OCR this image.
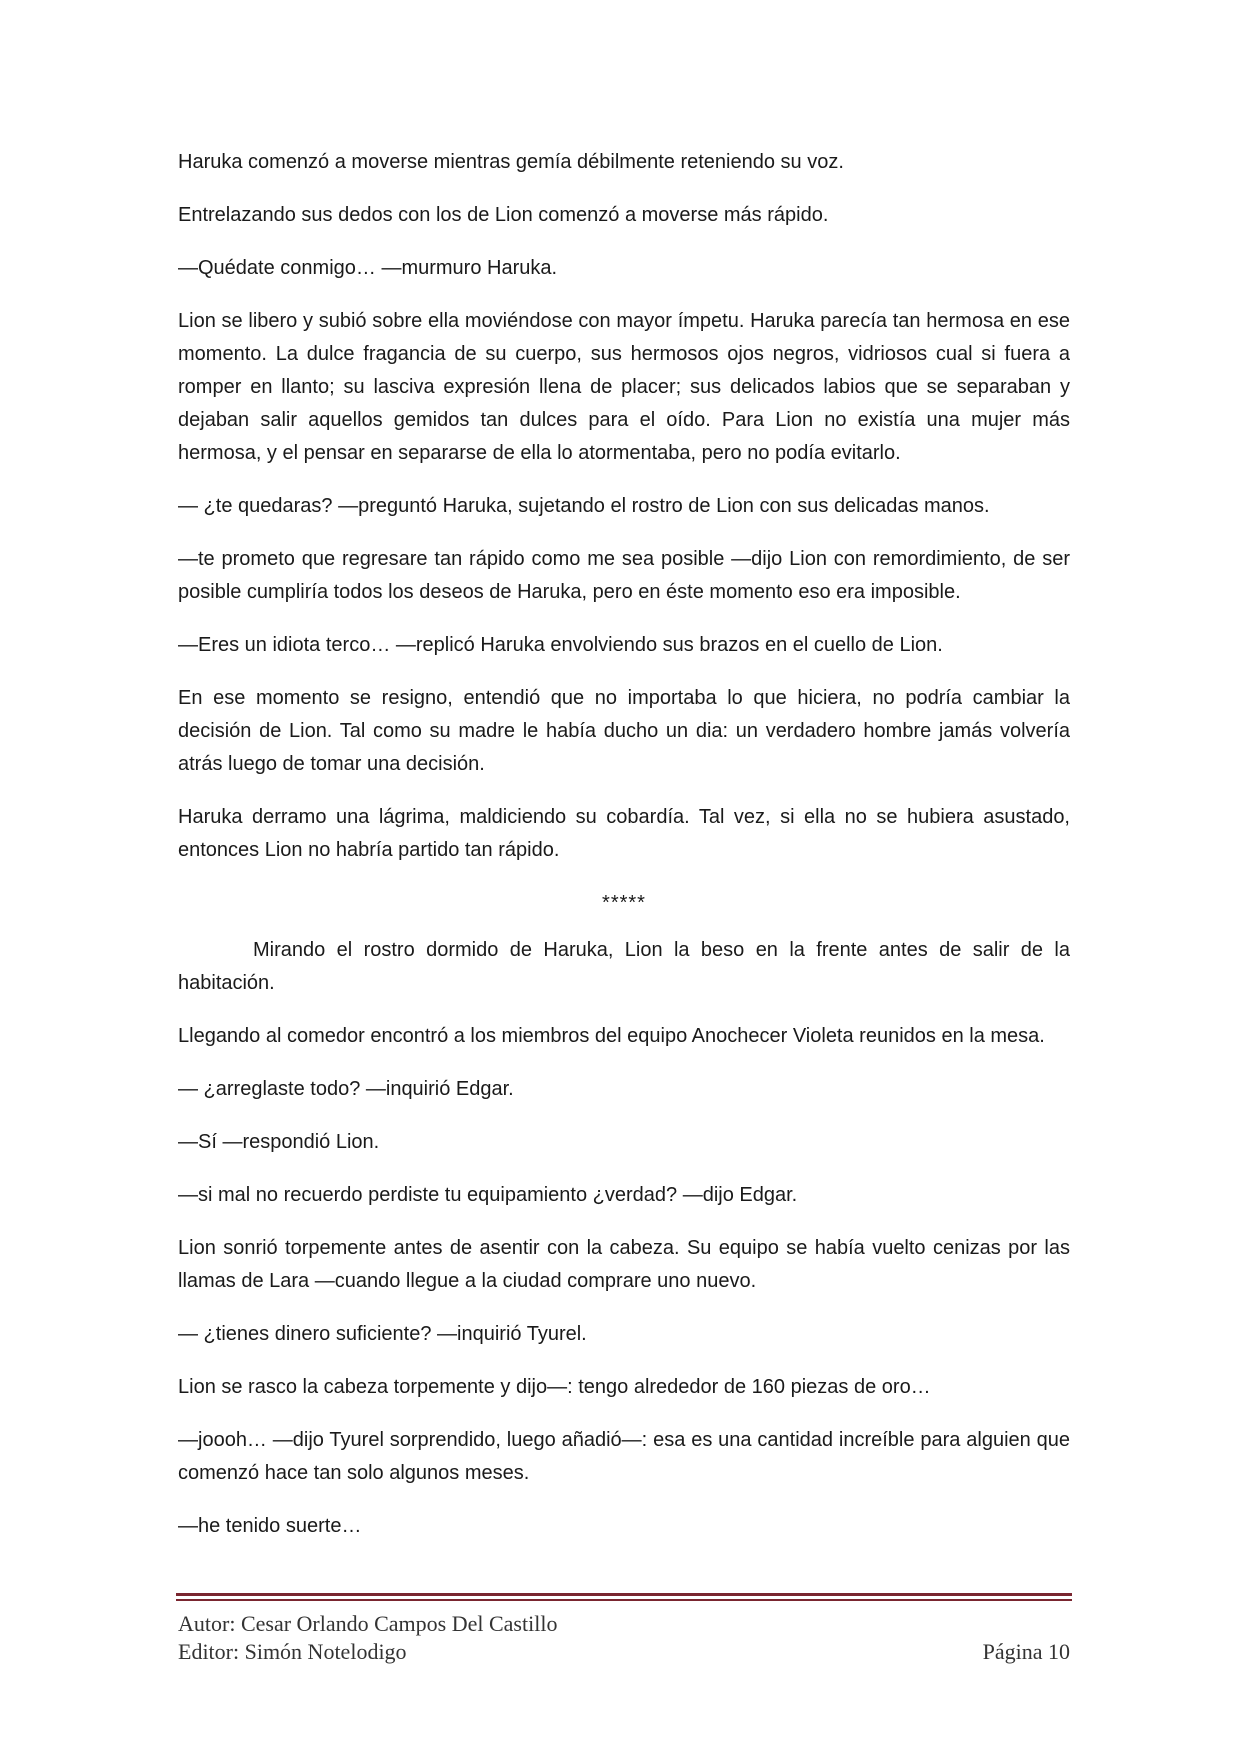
Haruka comenzó a moverse mientras gemía débilmente reteniendo su voz.

Entrelazando sus dedos con los de Lion comenzó a moverse más rápido.

—Quédate conmigo… —murmuro Haruka.

Lion se libero y subió sobre ella moviéndose con mayor ímpetu. Haruka parecía tan hermosa en ese momento. La dulce fragancia de su cuerpo, sus hermosos ojos negros, vidriosos cual si fuera a romper en llanto; su lasciva expresión llena de placer; sus delicados labios que se separaban y dejaban salir aquellos gemidos tan dulces para el oído. Para Lion no existía una mujer más hermosa, y el pensar en separarse de ella lo atormentaba, pero no podía evitarlo.

— ¿te quedaras? —preguntó Haruka, sujetando el rostro de Lion con sus delicadas manos.

—te prometo que regresare tan rápido como me sea posible —dijo Lion con remordimiento, de ser posible cumpliría todos los deseos de Haruka, pero en éste momento eso era imposible.

—Eres un idiota terco… —replicó Haruka envolviendo sus brazos en el cuello de Lion.

En ese momento se resigno, entendió que no importaba lo que hiciera, no podría cambiar la decisión de Lion. Tal como su madre le había ducho un dia: un verdadero hombre jamás volvería atrás luego de tomar una decisión.

Haruka derramo una lágrima, maldiciendo su cobardía. Tal vez, si ella no se hubiera asustado, entonces Lion no habría partido tan rápido.

*****

Mirando el rostro dormido de Haruka, Lion la beso en la frente antes de salir de la habitación.

Llegando al comedor encontró a los miembros del equipo Anochecer Violeta reunidos en la mesa.

— ¿arreglaste todo? —inquirió Edgar.

—Sí —respondió Lion.

—si mal no recuerdo perdiste tu equipamiento ¿verdad? —dijo Edgar.

Lion sonrió torpemente antes de asentir con la cabeza. Su equipo se había vuelto cenizas por las llamas de Lara —cuando llegue a la ciudad comprare uno nuevo.

— ¿tienes dinero suficiente? —inquirió Tyurel.

Lion se rasco la cabeza torpemente y dijo—: tengo alrededor de 160 piezas de oro…

—joooh… —dijo Tyurel sorprendido, luego añadió—: esa es una cantidad increíble para alguien que comenzó hace tan solo algunos meses.

—he tenido suerte…

Autor: Cesar Orlando Campos Del Castillo
Editor: Simón Notelodigo	Página 10
